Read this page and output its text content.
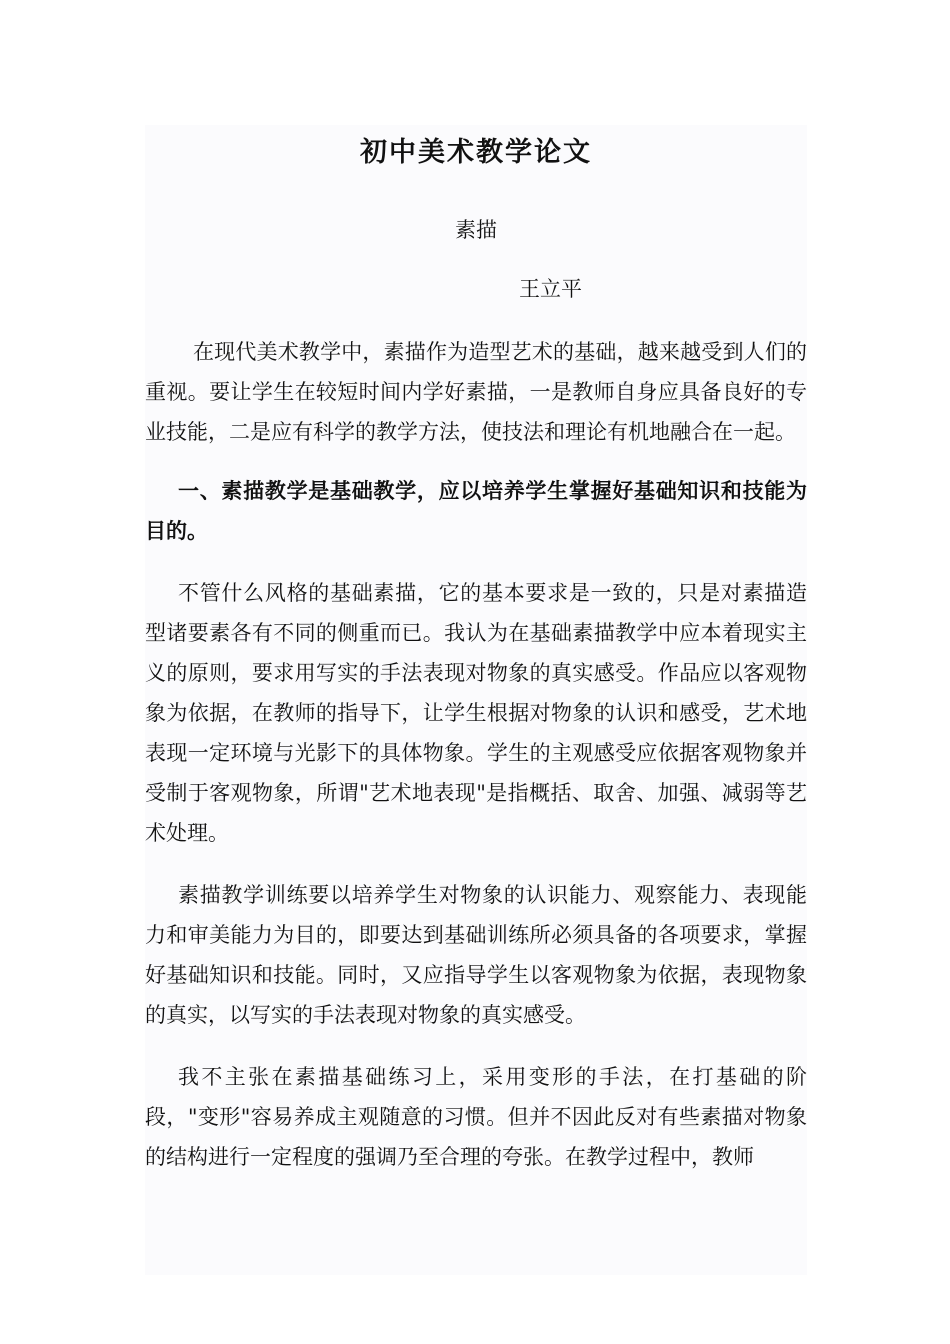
初中美术教学论文
素描
王立平

在现代美术教学中，素描作为造型艺术的基础，越来越受到人们的重视。要让学生在较短时间内学好素描，一是教师自身应具备良好的专业技能，二是应有科学的教学方法，使技法和理论有机地融合在一起。

一、素描教学是基础教学，应以培养学生掌握好基础知识和技能为目的。

不管什么风格的基础素描，它的基本要求是一致的，只是对素描造型诸要素各有不同的侧重而已。我认为在基础素描教学中应本着现实主义的原则，要求用写实的手法表现对物象的真实感受。作品应以客观物象为依据，在教师的指导下，让学生根据对物象的认识和感受，艺术地表现一定环境与光影下的具体物象。学生的主观感受应依据客观物象并受制于客观物象，所谓"艺术地表现"是指概括、取舍、加强、减弱等艺术处理。

素描教学训练要以培养学生对物象的认识能力、观察能力、表现能力和审美能力为目的，即要达到基础训练所必须具备的各项要求，掌握好基础知识和技能。同时，又应指导学生以客观物象为依据，表现物象的真实，以写实的手法表现对物象的真实感受。

我不主张在素描基础练习上，采用变形的手法，在打基础的阶段，"变形"容易养成主观随意的习惯。但并不因此反对有些素描对物象的结构进行一定程度的强调乃至合理的夸张。在教学过程中，教师
